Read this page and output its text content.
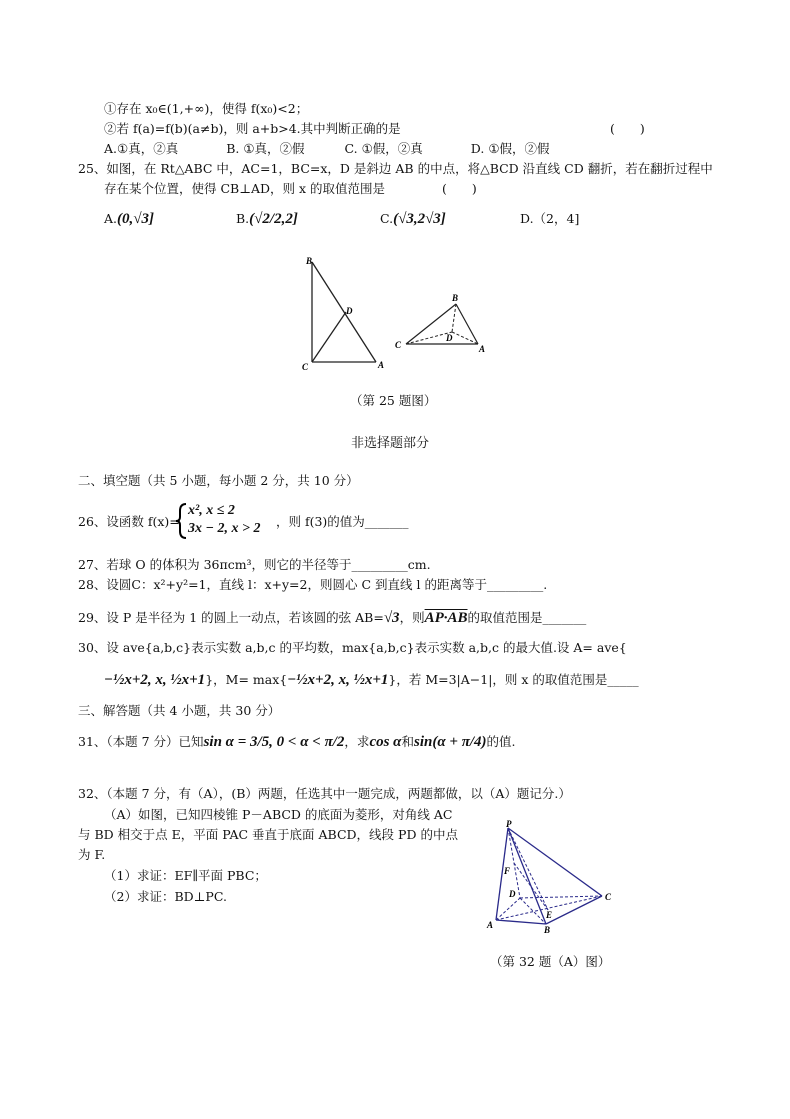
①存在 x₀∈(1,+∞)，使得 f(x₀)<2；
②若 f(a)=f(b)(a≠b)，则 a+b>4.其中判断正确的是	(　　)
A.①真，②真	B. ①真，②假	C. ①假，②真	D. ①假，②假
25、如图，在 Rt△ABC 中，AC=1，BC=x，D 是斜边 AB 的中点，将△BCD 沿直线 CD 翻折，若在翻折过程中
存在某个位置，使得 CB⊥AD，则 x 的取值范围是	(　　)
A.(0,√3]	B.(√2/2,2]	C.(√3,2√3]	D.（2，4]
B
D
C	A
B
D
C	A
（第 25 题图）
非选择题部分
二、填空题（共 5 小题，每小题 2 分，共 10 分）
26、设函数 f(x)=
x², x ≤ 2
3x − 2, x > 2 ，则 f(3)的值为_______
27、若球 O 的体积为 36πcm³，则它的半径等于_________cm.
28、设圆C：x²+y²=1，直线 l：x+y=2，则圆心 C 到直线 l 的距离等于_________.
29、设 P 是半径为 1 的圆上一动点，若该圆的弦 AB=√3，则AP·AB的取值范围是_______
30、设 ave{a,b,c}表示实数 a,b,c 的平均数，max{a,b,c}表示实数 a,b,c 的最大值.设 A= ave{
−½x+2, x, ½x+1}，M= max{−½x+2, x, ½x+1}，若 M=3|A−1|，则 x 的取值范围是_____
三、解答题（共 4 小题，共 30 分）
31、（本题 7 分）已知sin α = 3/5, 0 < α < π/2，求cos α和sin(α + π/4)的值.
32、（本题 7 分，有（A），(B）两题，任选其中一题完成，两题都做，以（A）题记分.）
（A）如图，已知四棱锥 P－ABCD 的底面为菱形，对角线 AC
与 BD 相交于点 E，平面 PAC 垂直于底面 ABCD，线段 PD 的中点
为 F.
（1）求证：EF∥平面 PBC；
（2）求证：BD⊥PC.
P
F
D
E
C
A	B
（第 32 题（A）图）
